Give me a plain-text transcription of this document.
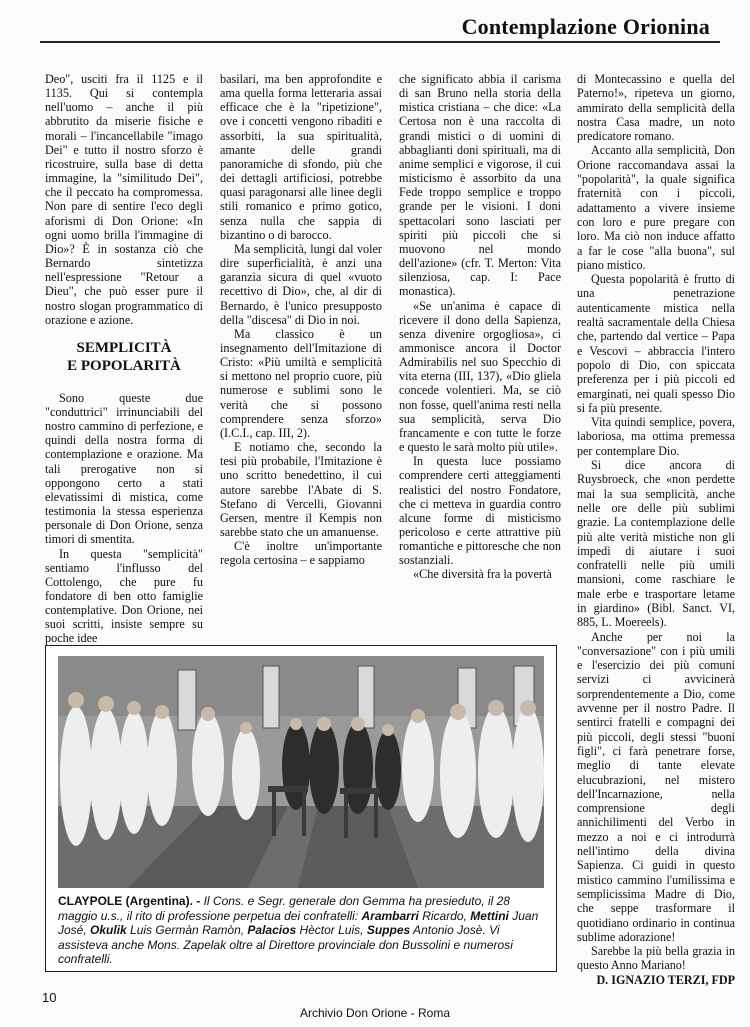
Contemplazione Orionina

Deo", usciti fra il 1125 e il 1135. Qui si contempla nell'uomo – anche il più abbrutito da miserie fisiche e morali – l'incancellabile "imago Dei" e tutto il nostro sforzo è ricostruire, sulla base di detta immagine, la "similitudo Dei", che il peccato ha compromessa. Non pare di sentire l'eco degli aforismi di Don Orione: «In ogni uomo brilla l'immagine di Dio»? È in sostanza ciò che Bernardo sintetizza nell'espressione "Retour a Dieu", che può esser pure il nostro slogan programmatico di orazione e azione.

SEMPLICITÀ
E POPOLARITÀ

Sono queste due "conduttrici" irrinunciabili del nostro cammino di perfezione, e quindi della nostra forma di contemplazione e orazione. Ma tali prerogative non si oppongono certo a stati elevatissimi di mistica, come testimonia la stessa esperienza personale di Don Orione, senza timori di smentita.

In questa "semplicità" sentiamo l'influsso del Cottolengo, che pure fu fondatore di ben otto famiglie contemplative. Don Orione, nei suoi scritti, insiste sempre su poche idee

basilari, ma ben approfondite e ama quella forma letteraria assai efficace che è la "ripetizione", ove i concetti vengono ribaditi e assorbiti, la sua spiritualità, amante delle grandi panoramiche di sfondo, più che dei dettagli artificiosi, potrebbe quasi paragonarsi alle linee degli stili romanico e primo gotico, senza nulla che sappia di bizantino o di barocco.

Ma semplicità, lungi dal voler dire superficialità, è anzi una garanzia sicura di quel «vuoto recettivo di Dio», che, al dir di Bernardo, è l'unico presupposto della "discesa" di Dio in noi.

Ma classico è un insegnamento dell'Imitazione di Cristo: «Più umiltà e semplicità si mettono nel proprio cuore, più numerose e sublimi sono le verità che si possono comprendere senza sforzo» (I.C.I., cap. III, 2).

E notiamo che, secondo la tesi più probabile, l'Imitazione è uno scritto benedettino, il cui autore sarebbe l'Abate di S. Stefano di Vercelli, Giovanni Gersen, mentre il Kempis non sarebbe stato che un amanuense.

C'è inoltre un'importante regola certosina – e sappiamo

che significato abbia il carisma di san Bruno nella storia della mistica cristiana – che dice: «La Certosa non è una raccolta di grandi mistici o di uomini di abbaglianti doni spirituali, ma di anime semplici e vigorose, il cui misticismo è assorbito da una Fede troppo semplice e troppo grande per le visioni. I doni spettacolari sono lasciati per spiriti più piccoli che si muovono nel mondo dell'azione» (cfr. T. Merton: Vita silenziosa, cap. I: Pace monastica).

«Se un'anima è capace di ricevere il dono della Sapienza, senza divenire orgogliosa», ci ammonisce ancora il Doctor Admirabilis nel suo Specchio di vita eterna (III, 137), «Dio gliela concede volentieri. Ma, se ciò non fosse, quell'anima resti nella sua semplicità, serva Dio francamente e con tutte le forze e questo le sarà molto più utile».

In questa luce possiamo comprendere certi atteggiamenti realistici del nostro Fondatore, che ci metteva in guardia contro alcune forme di misticismo pericoloso e certe attrattive più romantiche e pittoresche che non sostanziali.

«Che diversità fra la povertà

di Montecassino e quella del Paterno!», ripeteva un giorno, ammirato della semplicità della nostra Casa madre, un noto predicatore romano.

Accanto alla semplicità, Don Orione raccomandava assai la "popolarità", la quale significa fraternità con i piccoli, adattamento a vivere insieme con loro e pure pregare con loro. Ma ciò non induce affatto a far le cose "alla buona", sul piano mistico.

Questa popolarità è frutto di una penetrazione autenticamente mistica nella realtà sacramentale della Chiesa che, partendo dal vertice – Papa e Vescovi – abbraccia l'intero popolo di Dio, con spiccata preferenza per i più piccoli ed emarginati, nei quali spesso Dio si fa più presente.

Vita quindi semplice, povera, laboriosa, ma ottima premessa per contemplare Dio.

Si dice ancora di Ruysbroeck, che «non perdette mai la sua semplicità, anche nelle ore delle più sublimi grazie. La contemplazione delle più alte verità mistiche non gli impedì di aiutare i suoi confratelli nelle più umili mansioni, come raschiare le male erbe e trasportare letame in giardino» (Bibl. Sanct. VI, 885, L. Moereels).

Anche per noi la "conversazione" con i più umili e l'esercizio dei più comuni servizi ci avvicinerà sorprendentemente a Dio, come avvenne per il nostro Padre. Il sentirci fratelli e compagni dei più piccoli, degli stessi "buoni figli", ci farà penetrare forse, meglio di tante elevate elucubrazioni, nel mistero dell'Incarnazione, nella comprensione degli annichilimenti del Verbo in mezzo a noi e ci introdurrà nell'intimo della divina Sapienza. Ci guidi in questo mistico cammino l'umilissima e semplicissima Madre di Dio, che seppe trasformare il quotidiano ordinario in continua sublime adorazione!

Sarebbe la più bella grazia in questo Anno Mariano!

D. IGNAZIO TERZI, FDP

CLAYPOLE (Argentina). - Il Cons. e Segr. generale don Gemma ha presieduto, il 28 maggio u.s., il rito di professione perpetua dei confratelli: Arambarri Ricardo, Mettini Juan José, Okulik Luis Germàn Ramòn, Palacios Hèctor Luis, Suppes Antonio Josè. Vi assisteva anche Mons. Zapelak oltre al Direttore provinciale don Bussolini e numerosi confratelli.
10
Archivio Don Orione - Roma
